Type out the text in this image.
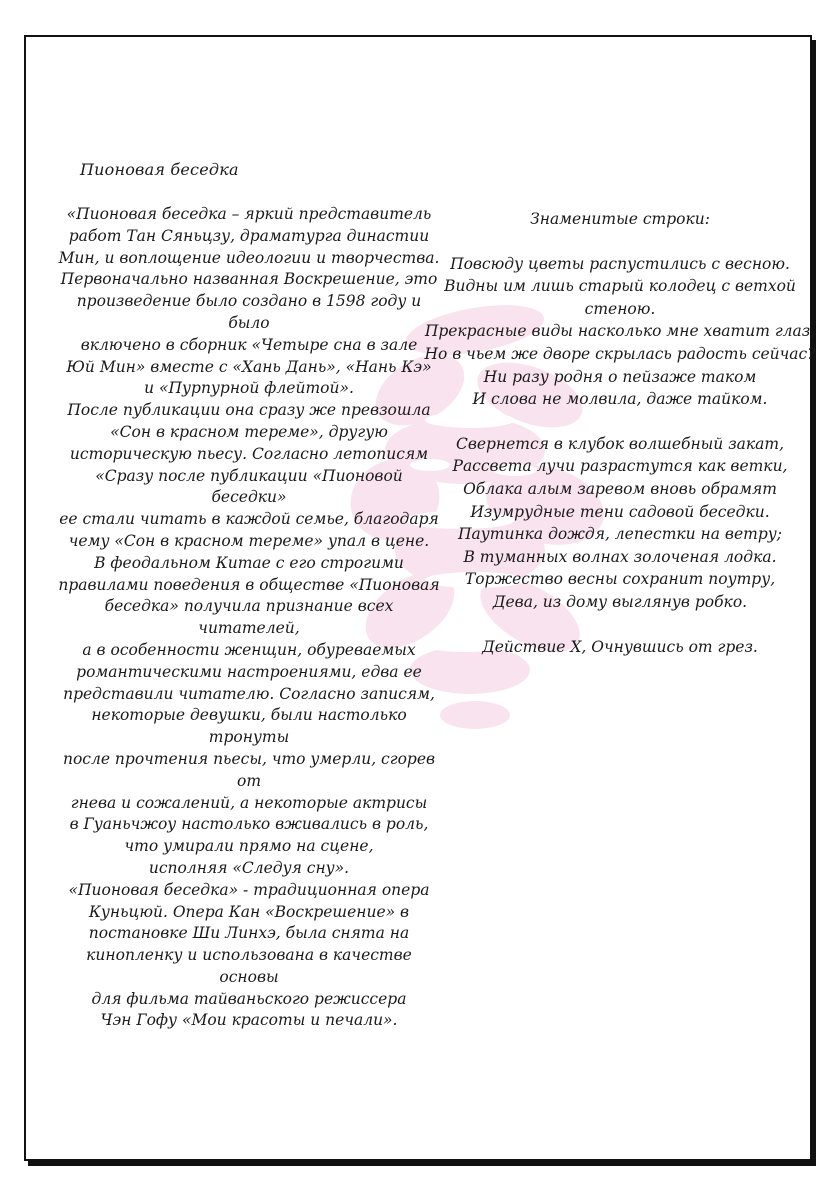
Пионовая беседка

«Пионовая беседка – яркий представитель

работ Тан Сяньцзу, драматурга династии

Мин, и воплощение идеологии и творчества.

Первоначально названная Воскрешение, это

произведение было создано в 1598 году и было

включено в сборник «Четыре сна в зале

Юй Мин» вместе с «Хань Дань», «Нань Кэ»

и «Пурпурной флейтой».

После публикации она сразу же превзошла

«Сон в красном тереме», другую

историческую пьесу. Согласно летописям

«Сразу после публикации «Пионовой беседки»

ее стали читать в каждой семье, благодаря

чему «Сон в красном тереме» упал в цене.

В феодальном Китае с его строгими

правилами поведения в обществе «Пионовая

беседка» получила признание всех читателей,

а в особенности женщин, обуреваемых

романтическими настроениями, едва ее

представили читателю. Согласно записям,

некоторые девушки, были настолько тронуты

после прочтения пьесы, что умерли, сгорев от

гнева и сожалений, а некоторые актрисы

в Гуаньчжоу настолько вживались в роль,

что умирали прямо на сцене,

исполняя «Следуя сну».

«Пионовая беседка» - традиционная опера

Куньцюй. Опера Кан «Воскрешение» в

постановке Ши Линхэ, была снята на

кинопленку и использована в качестве основы

для фильма тайваньского режиссера

Чэн Гофу «Мои красоты и печали».

Знаменитые строки:

Повсюду цветы распустились с весною.
Видны им лишь старый колодец с ветхой стеною.
Прекрасные виды насколько мне хватит глаз,
Но в чьем же дворе скрылась радость сейчас?
Ни разу родня о пейзаже таком
И слова не молвила, даже тайком.
Свернется в клубок волшебный закат,
Рассвета лучи разрастутся как ветки,
Облака алым заревом вновь обрамят
Изумрудные тени садовой беседки.
Паутинка дождя, лепестки на ветру;
В туманных волнах золоченая лодка.
Торжество весны сохранит поутру,
Дева, из дому выглянув робко.

Действие X, Очнувшись от грез.
